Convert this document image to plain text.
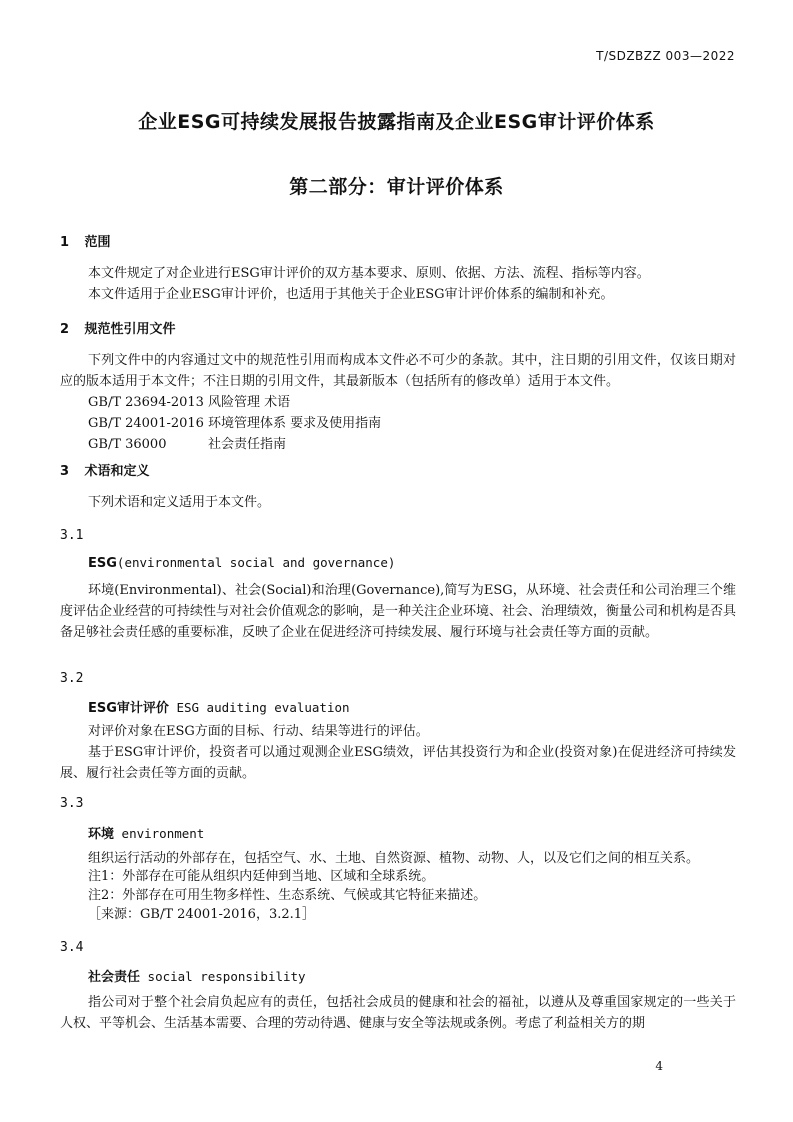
T/SDZBZZ 003—2022
企业ESG可持续发展报告披露指南及企业ESG审计评价体系
第二部分：审计评价体系
1 范围

本文件规定了对企业进行ESG审计评价的双方基本要求、原则、依据、方法、流程、指标等内容。

本文件适用于企业ESG审计评价，也适用于其他关于企业ESG审计评价体系的编制和补充。

2 规范性引用文件

下列文件中的内容通过文中的规范性引用而构成本文件必不可少的条款。其中，注日期的引用文件，仅该日期对应的版本适用于本文件；不注日期的引用文件，其最新版本（包括所有的修改单）适用于本文件。

GB/T 23694-2013 风险管理 术语
GB/T 24001-2016 环境管理体系 要求及使用指南
GB/T 36000	社会责任指南
3 术语和定义

下列术语和定义适用于本文件。

3.1
ESG(environmental social and governance)

环境(Environmental)、社会(Social)和治理(Governance),简写为ESG，从环境、社会责任和公司治理三个维度评估企业经营的可持续性与对社会价值观念的影响，是一种关注企业环境、社会、治理绩效，衡量公司和机构是否具备足够社会责任感的重要标准，反映了企业在促进经济可持续发展、履行环境与社会责任等方面的贡献。

3.2
ESG审计评价 ESG auditing evaluation

对评价对象在ESG方面的目标、行动、结果等进行的评估。

基于ESG审计评价，投资者可以通过观测企业ESG绩效，评估其投资行为和企业(投资对象)在促进经济可持续发展、履行社会责任等方面的贡献。

3.3
环境 environment

组织运行活动的外部存在，包括空气、水、土地、自然资源、植物、动物、人，以及它们之间的相互关系。

注1：外部存在可能从组织内廷伸到当地、区域和全球系统。
注2：外部存在可用生物多样性、生态系统、气候或其它特征来描述。
［来源：GB/T 24001-2016，3.2.1］
3.4
社会责任 social responsibility

指公司对于整个社会肩负起应有的责任，包括社会成员的健康和社会的福祉，以遵从及尊重国家规定的一些关于人权、平等机会、生活基本需要、合理的劳动待遇、健康与安全等法规或条例。考虑了利益相关方的期

4
